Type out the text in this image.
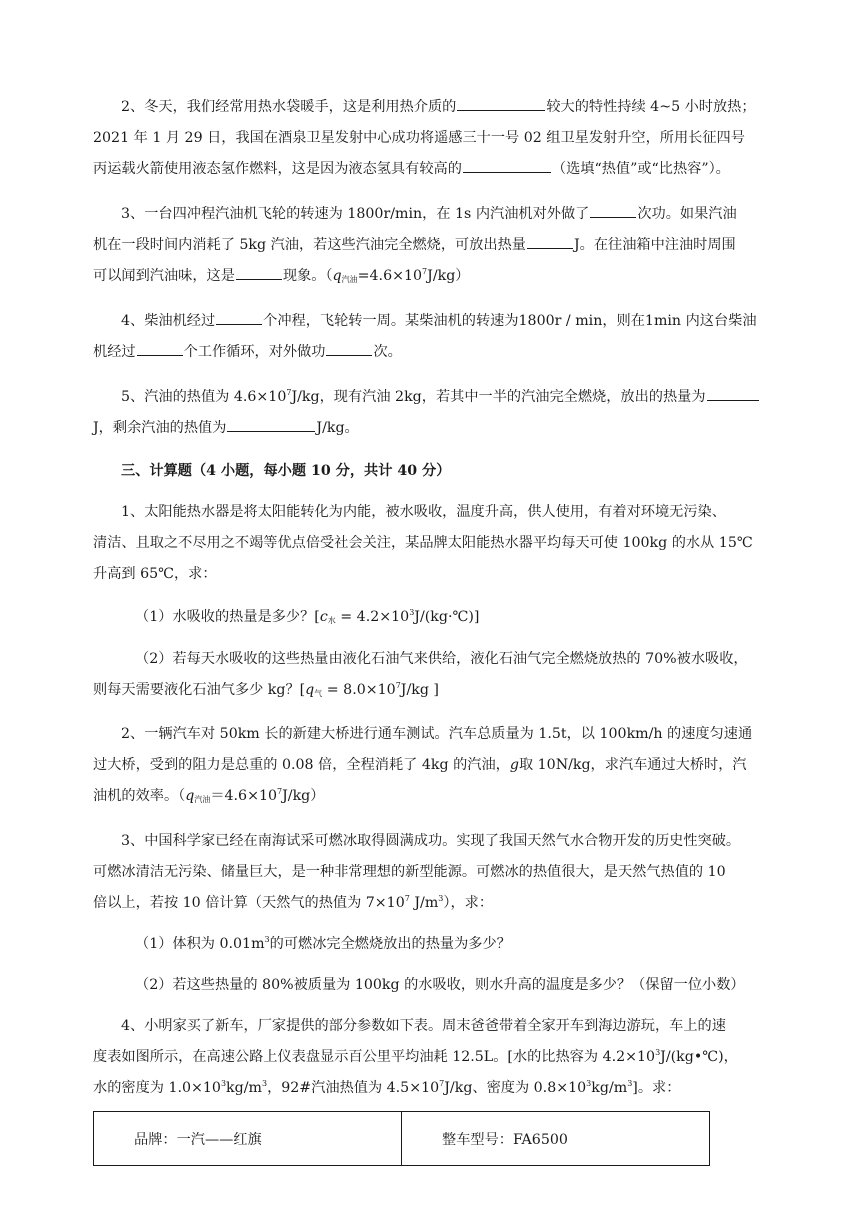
2、冬天，我们经常用热水袋暖手，这是利用热介质的	较大的特性持续 4~5 小时放热；

2021 年 1 月 29 日，我国在酒泉卫星发射中心成功将遥感三十一号 02 组卫星发射升空，所用长征四号

丙运载火箭使用液态氢作燃料，这是因为液态氢具有较高的	（选填“热值”或“比热容”）。

3、一台四冲程汽油机飞轮的转速为 1800r/min，在 1s 内汽油机对外做了	次功。如果汽油

机在一段时间内消耗了 5kg 汽油，若这些汽油完全燃烧，可放出热量	J。在往油箱中注油时周围

可以闻到汽油味，这是	现象。$(q_{汽油}=4.6\times 10^7J/kg)$

4、柴油机经过	个冲程，飞轮转一周。某柴油机的转速为1800r / min，则在1min 内这台柴油

机经过	个工作循环，对外做功	次。

5、汽油的热值为 $4.6\times 10^7J/kg$，现有汽油 2kg，若其中一半的汽油完全燃烧，放出的热量为

J，剩余汽油的热值为	J/kg。

三、计算题（4 小题，每小题 10 分，共计 40 分）

1、太阳能热水器是将太阳能转化为内能，被水吸收，温度升高，供人使用，有着对环境无污染、

清洁、且取之不尽用之不竭等优点倍受社会关注，某品牌太阳能热水器平均每天可使 100kg 的水从 15℃

升高到 65℃，求：

（1）水吸收的热量是多少？[$c_水$ = $4.2\times 10^3J/(kg\cdot℃)$]

（2）若每天水吸收的这些热量由液化石油气来供给，液化石油气完全燃烧放热的 70%被水吸收，

则每天需要液化石油气多少 kg？[$q_气 = 8.0\times 10^7J/kg$ ]

2、一辆汽车对 50km 长的新建大桥进行通车测试。汽车总质量为 1.5t，以 100km/h 的速度匀速通

过大桥，受到的阻力是总重的 0.08 倍，全程消耗了 4kg 的汽油，g取 10N/kg，求汽车通过大桥时，汽

油机的效率。$(q_{汽油}=4.6\times 10^7J/kg)$

3、中国科学家已经在南海试采可燃冰取得圆满成功。实现了我国天然气水合物开发的历史性突破。

可燃冰清洁无污染、储量巨大，是一种非常理想的新型能源。可燃冰的热值很大，是天然气热值的 10

倍以上，若按 10 倍计算（天然气的热值为 $7\times 10^7$ $J/m^3$），求：

（1）体积为 $0.01m^3$的可燃冰完全燃烧放出的热量为多少？

（2）若这些热量的 80%被质量为 100kg 的水吸收，则水升高的温度是多少？（保留一位小数）

4、小明家买了新车，厂家提供的部分参数如下表。周末爸爸带着全家开车到海边游玩，车上的速

度表如图所示，在高速公路上仪表盘显示百公里平均油耗 12.5L。[水的比热容为 $4.2\times 10^3J/(kg•℃)$，

水的密度为 $1.0\times 10^3kg/m^3$，92#汽油热值为 $4.5\times 10^7J/kg$、密度为 $0.8\times 10^3kg/m^3$]。求：

品牌：一汽——红旗	整车型号：FA6500
